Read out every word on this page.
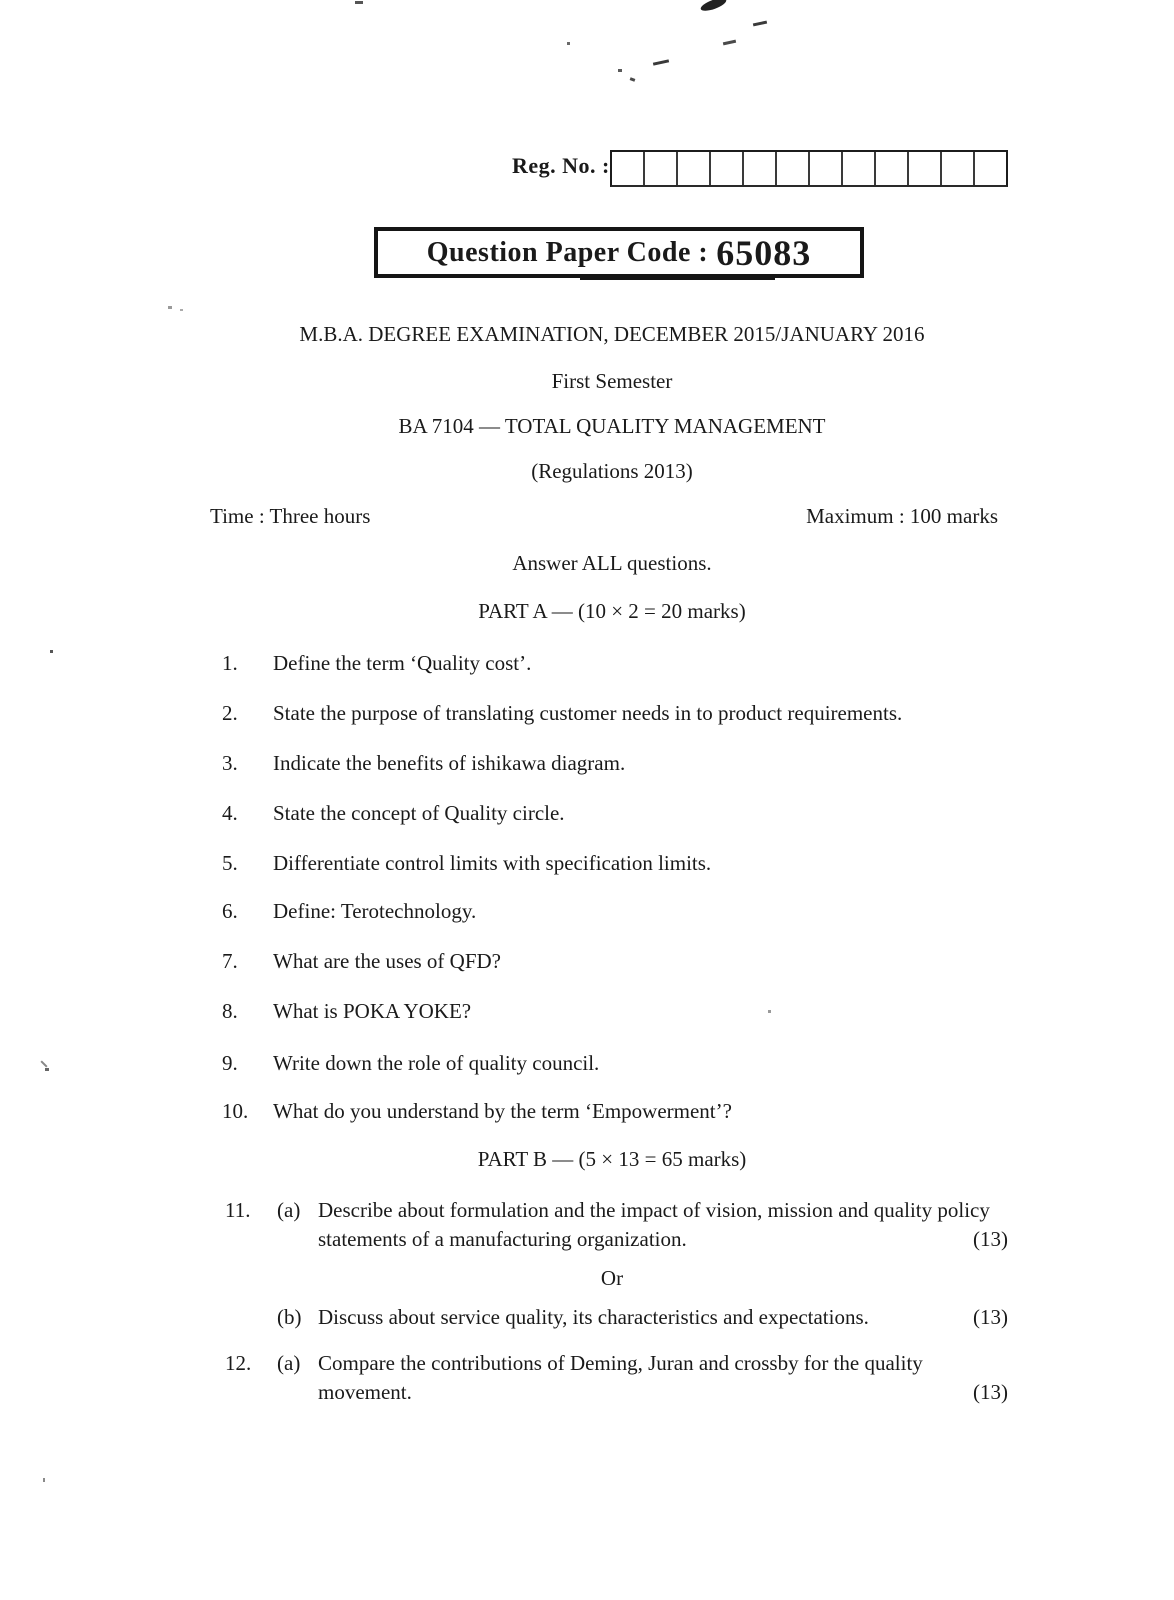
Reg. No. :
Question Paper Code : 65083
M.B.A. DEGREE EXAMINATION, DECEMBER 2015/JANUARY 2016
First Semester
BA 7104 — TOTAL QUALITY MANAGEMENT
(Regulations 2013)
Time : Three hours	Maximum : 100 marks
Answer ALL questions.
PART A — (10 × 2 = 20 marks)
1. Define the term ‘Quality cost’.
2. State the purpose of translating customer needs in to product requirements.
3. Indicate the benefits of ishikawa diagram.
4. State the concept of Quality circle.
5. Differentiate control limits with specification limits.
6. Define: Terotechnology.
7. What are the uses of QFD?
8. What is POKA YOKE?
9. Write down the role of quality council.
10. What do you understand by the term ‘Empowerment’?
PART B — (5 × 13 = 65 marks)
11. (a) Describe about formulation and the impact of vision, mission and quality policy statements of a manufacturing organization.	(13)
Or
(b) Discuss about service quality, its characteristics and expectations.	(13)
12. (a) Compare the contributions of Deming, Juran and crossby for the quality movement.	(13)
